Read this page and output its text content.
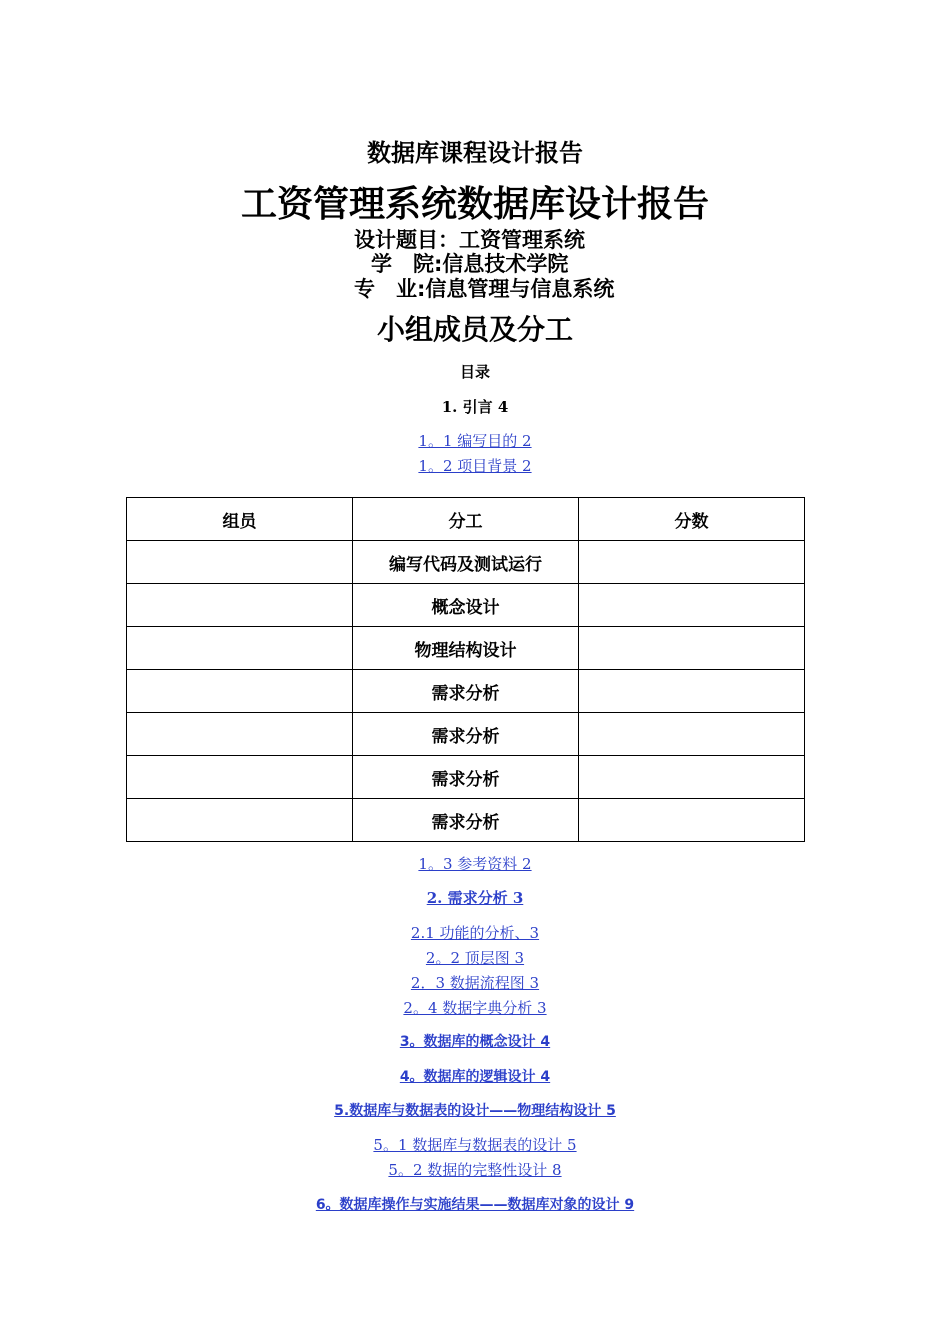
数据库课程设计报告
工资管理系统数据库设计报告
设计题目：工资管理系统
学　院:信息技术学院
专　业:信息管理与信息系统
小组成员及分工
目录
1. 引言 4
1。1 编写目的 2
1。2 项目背景 2
组员	分工	分数
	编写代码及测试运行	
	概念设计	
	物理结构设计	
	需求分析	
	需求分析	
	需求分析	
	需求分析	
1。3 参考资料 2
2. 需求分析 3
2.1 功能的分析、3
2。2 顶层图 3
2．3 数据流程图 3
2。4 数据字典分析 3
3。数据库的概念设计 4
4。数据库的逻辑设计 4
5.数据库与数据表的设计——物理结构设计 5
5。1 数据库与数据表的设计 5
5。2 数据的完整性设计 8
6。数据库操作与实施结果——数据库对象的设计 9
